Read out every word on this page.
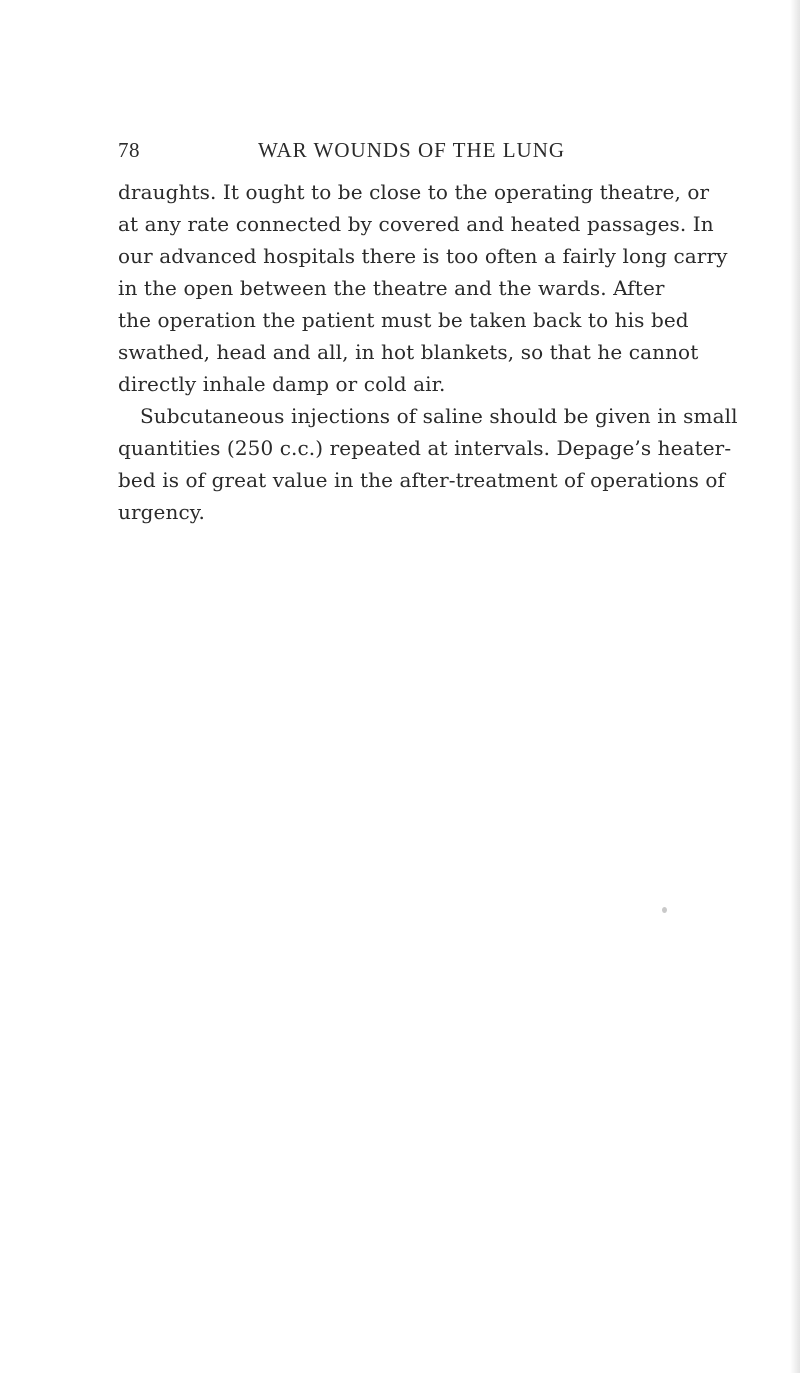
78	WAR WOUNDS OF THE LUNG
draughts. It ought to be close to the operating theatre, or
at any rate connected by covered and heated passages. In
our advanced hospitals there is too often a fairly long carry
in the open between the theatre and the wards. After
the operation the patient must be taken back to his bed
swathed, head and all, in hot blankets, so that he cannot
directly inhale damp or cold air.
Subcutaneous injections of saline should be given in small
quantities (250 c.c.) repeated at intervals. Depage’s heater-
bed is of great value in the after-treatment of operations of
urgency.
